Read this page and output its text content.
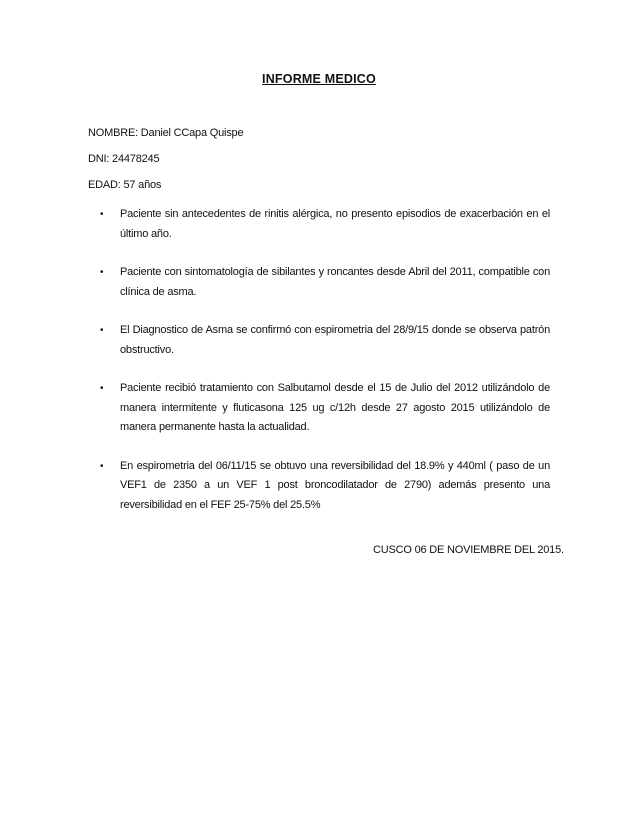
INFORME MEDICO
NOMBRE: Daniel CCapa Quispe
DNI: 24478245
EDAD: 57 años
• Paciente sin antecedentes de rinitis alérgica, no presento episodios de exacerbación en el último año.
• Paciente con sintomatología de sibilantes y roncantes desde Abril del 2011, compatible con clínica de asma.
• El Diagnostico de Asma se confirmó con espirometria del 28/9/15 donde se observa patrón obstructivo.
• Paciente recibió tratamiento con Salbutamol desde el 15 de Julio del 2012 utilizándolo de manera intermitente y fluticasona 125 ug c/12h desde 27 agosto 2015 utilizándolo de manera permanente hasta la actualidad.
• En espirometria del 06/11/15 se obtuvo una reversibilidad del 18.9% y 440ml ( paso de un VEF1 de 2350 a un VEF 1 post broncodilatador de 2790) además presento una reversibilidad en el FEF 25-75% del 25.5%
CUSCO 06 DE NOVIEMBRE DEL 2015.
